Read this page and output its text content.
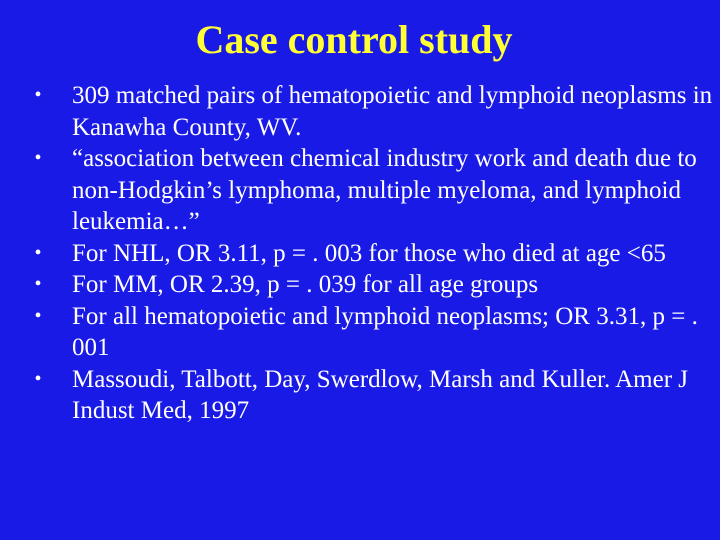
Case control study
• 309 matched pairs of hematopoietic and lymphoid neoplasms in Kanawha County, WV.
• “association between chemical industry work and death due to non-Hodgkin’s lymphoma, multiple myeloma, and lymphoid leukemia…”
• For NHL, OR 3.11, p = . 003 for those who died at age <65
• For MM, OR 2.39, p = . 039 for all age groups
• For all hematopoietic and lymphoid neoplasms; OR 3.31, p = . 001
• Massoudi, Talbott, Day, Swerdlow, Marsh and Kuller. Amer J Indust Med, 1997
